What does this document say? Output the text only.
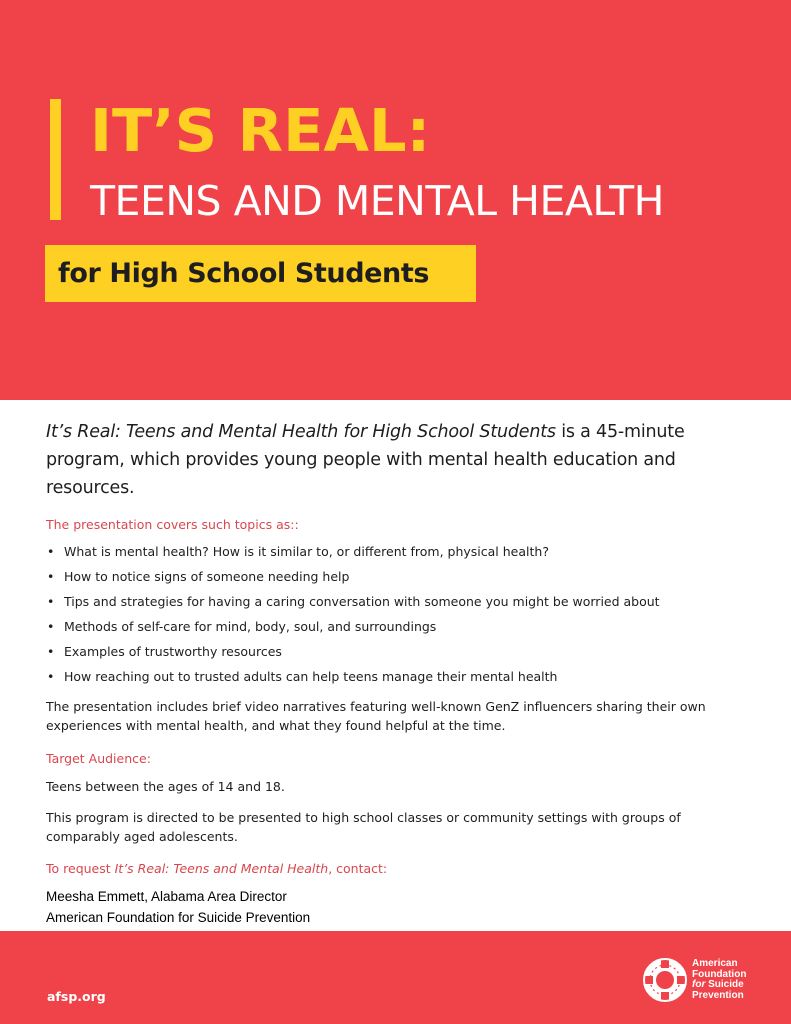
IT’S REAL:
TEENS AND MENTAL HEALTH
for High School Students

It’s Real: Teens and Mental Health for High School Students is a 45-minute program, which provides young people with mental health education and resources.

The presentation covers such topics as::

• What is mental health? How is it similar to, or different from, physical health?
• How to notice signs of someone needing help
• Tips and strategies for having a caring conversation with someone you might be worried about
• Methods of self-care for mind, body, soul, and surroundings
• Examples of trustworthy resources
• How reaching out to trusted adults can help teens manage their mental health

The presentation includes brief video narratives featuring well-known GenZ influencers sharing their own experiences with mental health, and what they found helpful at the time.

Target Audience:

Teens between the ages of 14 and 18.

This program is directed to be presented to high school classes or community settings with groups of comparably aged adolescents.

To request It’s Real: Teens and Mental Health, contact:

Meesha Emmett, Alabama Area Director

American Foundation for Suicide Prevention

afsp.org
American
Foundation
for Suicide
Prevention
